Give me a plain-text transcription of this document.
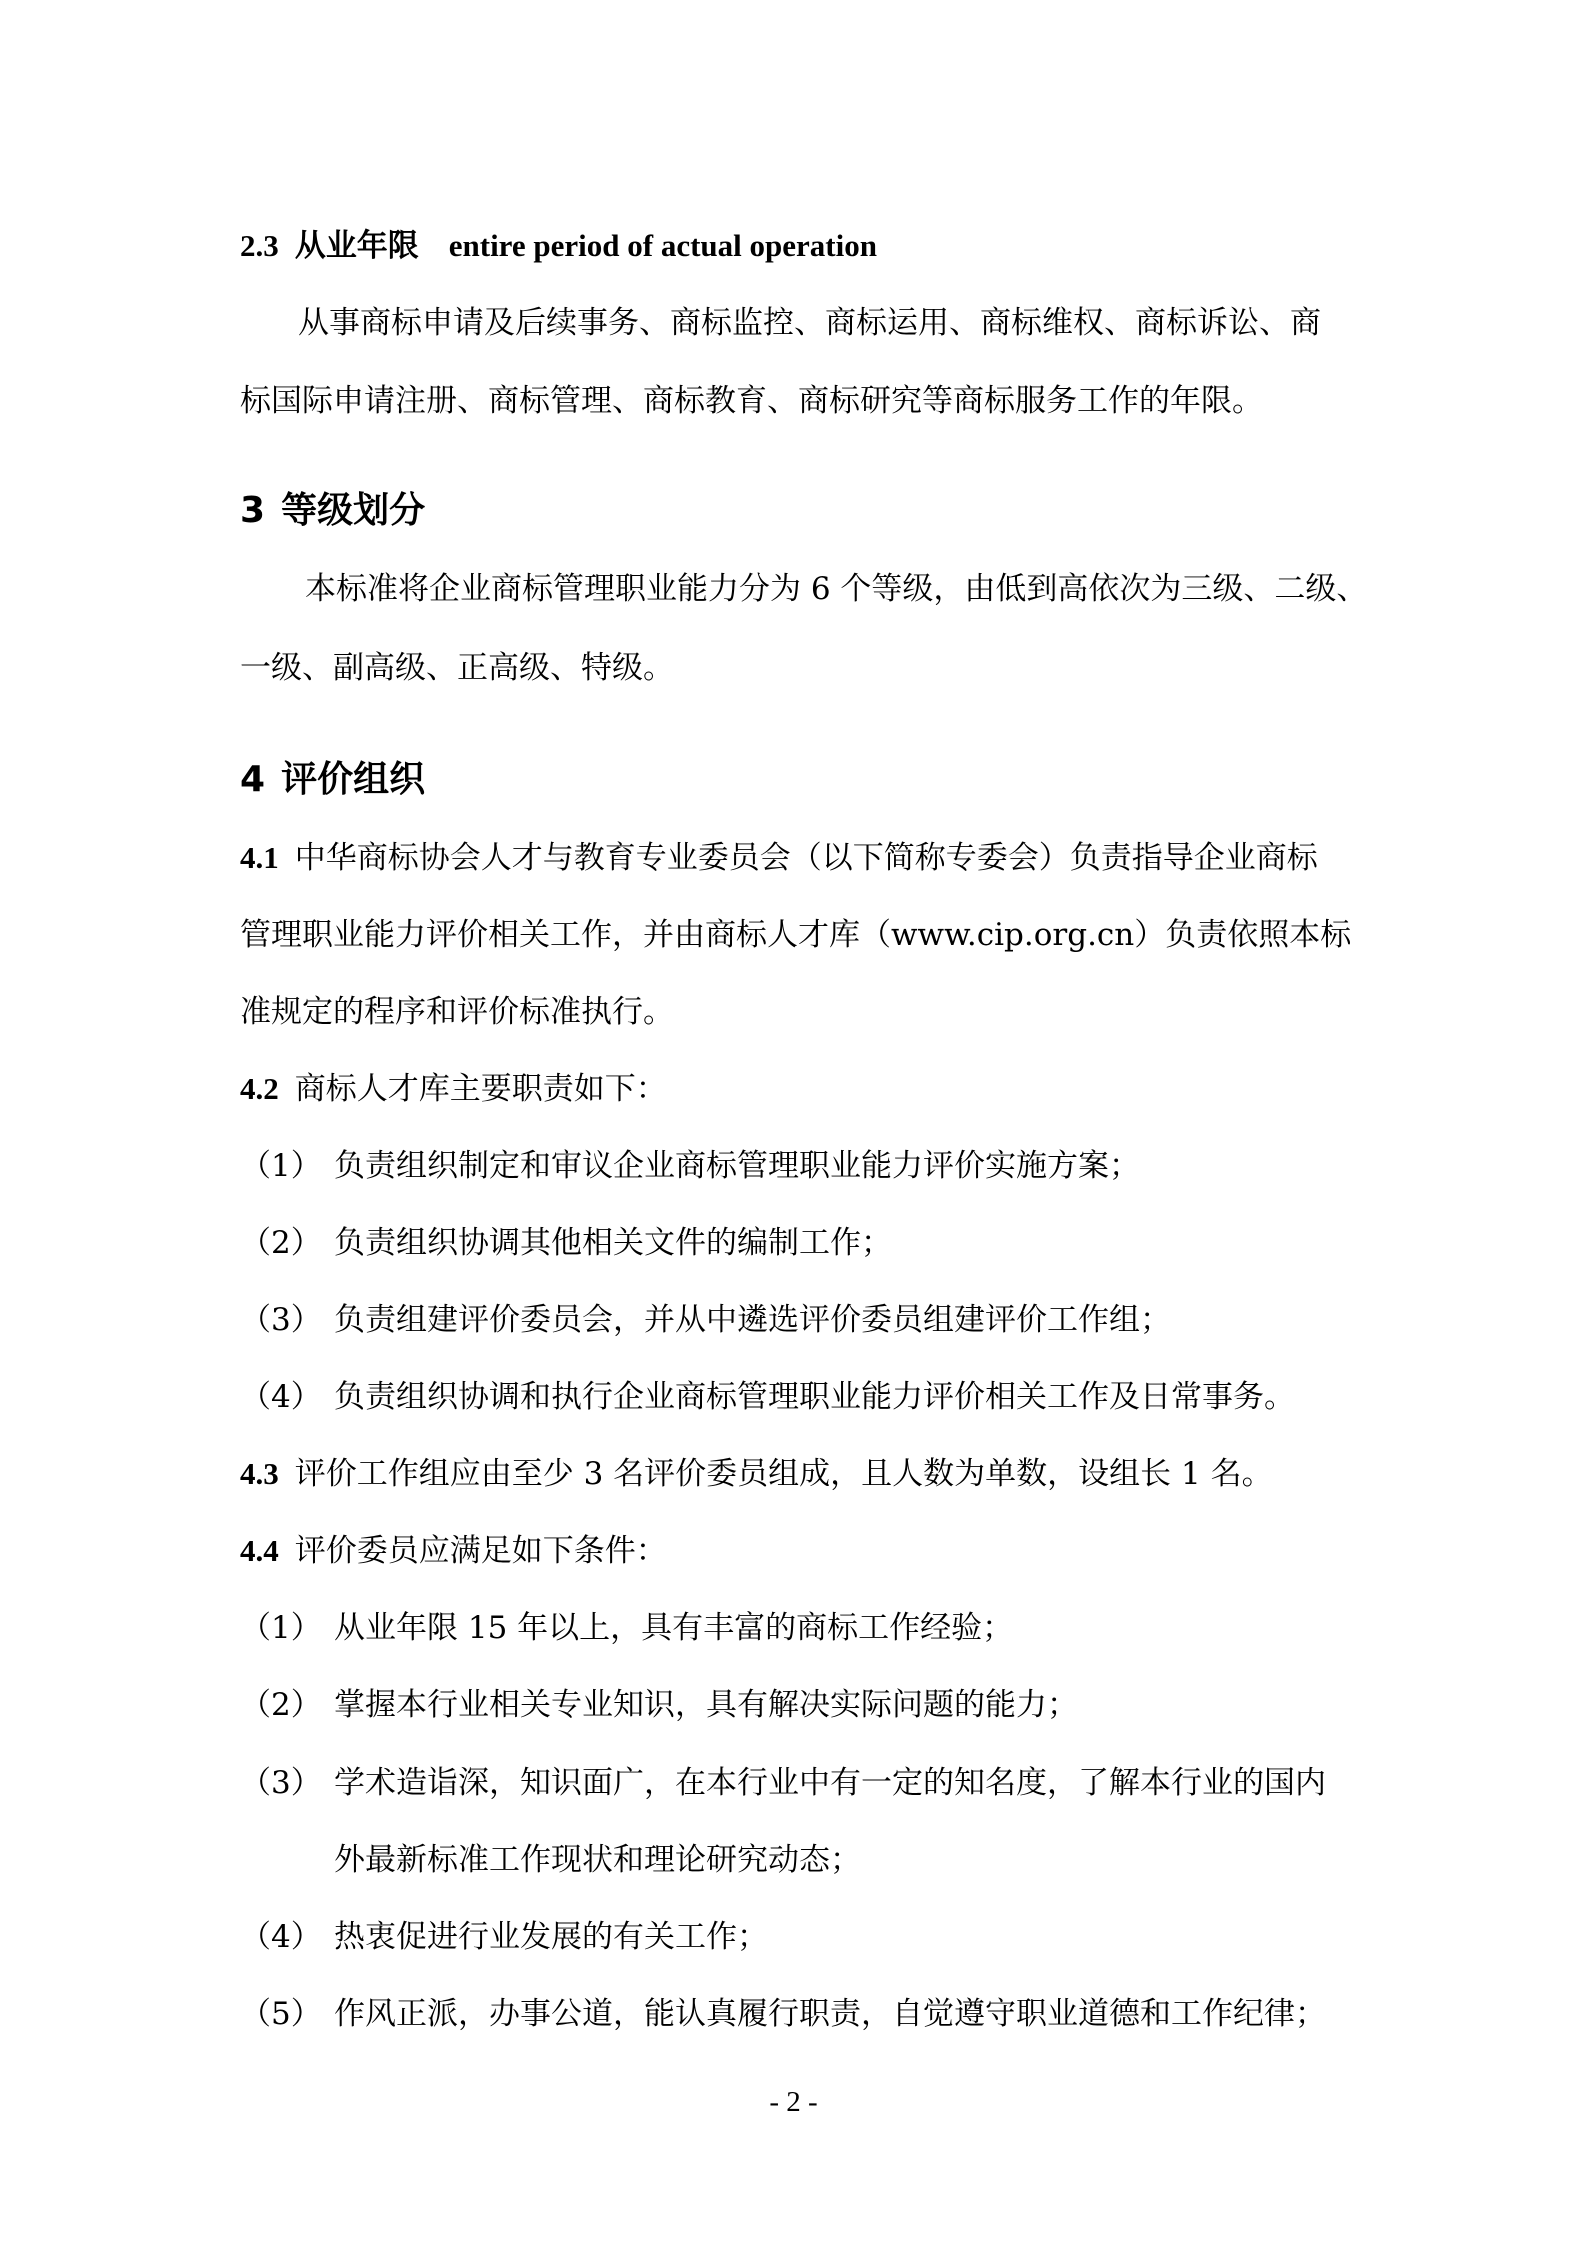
2.3 从业年限 entire period of actual operation
从事商标申请及后续事务、商标监控、商标运用、商标维权、商标诉讼、商
标国际申请注册、商标管理、商标教育、商标研究等商标服务工作的年限。
3 等级划分
本标准将企业商标管理职业能力分为 6 个等级，由低到高依次为三级、二级、
一级、副高级、正高级、特级。
4 评价组织
4.1 中华商标协会人才与教育专业委员会（以下简称专委会）负责指导企业商标
管理职业能力评价相关工作，并由商标人才库（www.cip.org.cn）负责依照本标
准规定的程序和评价标准执行。
4.2 商标人才库主要职责如下：
（1） 负责组织制定和审议企业商标管理职业能力评价实施方案；
（2） 负责组织协调其他相关文件的编制工作；
（3） 负责组建评价委员会，并从中遴选评价委员组建评价工作组；
（4） 负责组织协调和执行企业商标管理职业能力评价相关工作及日常事务。
4.3 评价工作组应由至少 3 名评价委员组成，且人数为单数，设组长 1 名。
4.4 评价委员应满足如下条件：
（1） 从业年限 15 年以上，具有丰富的商标工作经验；
（2） 掌握本行业相关专业知识，具有解决实际问题的能力；
（3） 学术造诣深，知识面广，在本行业中有一定的知名度，了解本行业的国内
外最新标准工作现状和理论研究动态；
（4） 热衷促进行业发展的有关工作；
（5） 作风正派，办事公道，能认真履行职责，自觉遵守职业道德和工作纪律；
- 2 -
